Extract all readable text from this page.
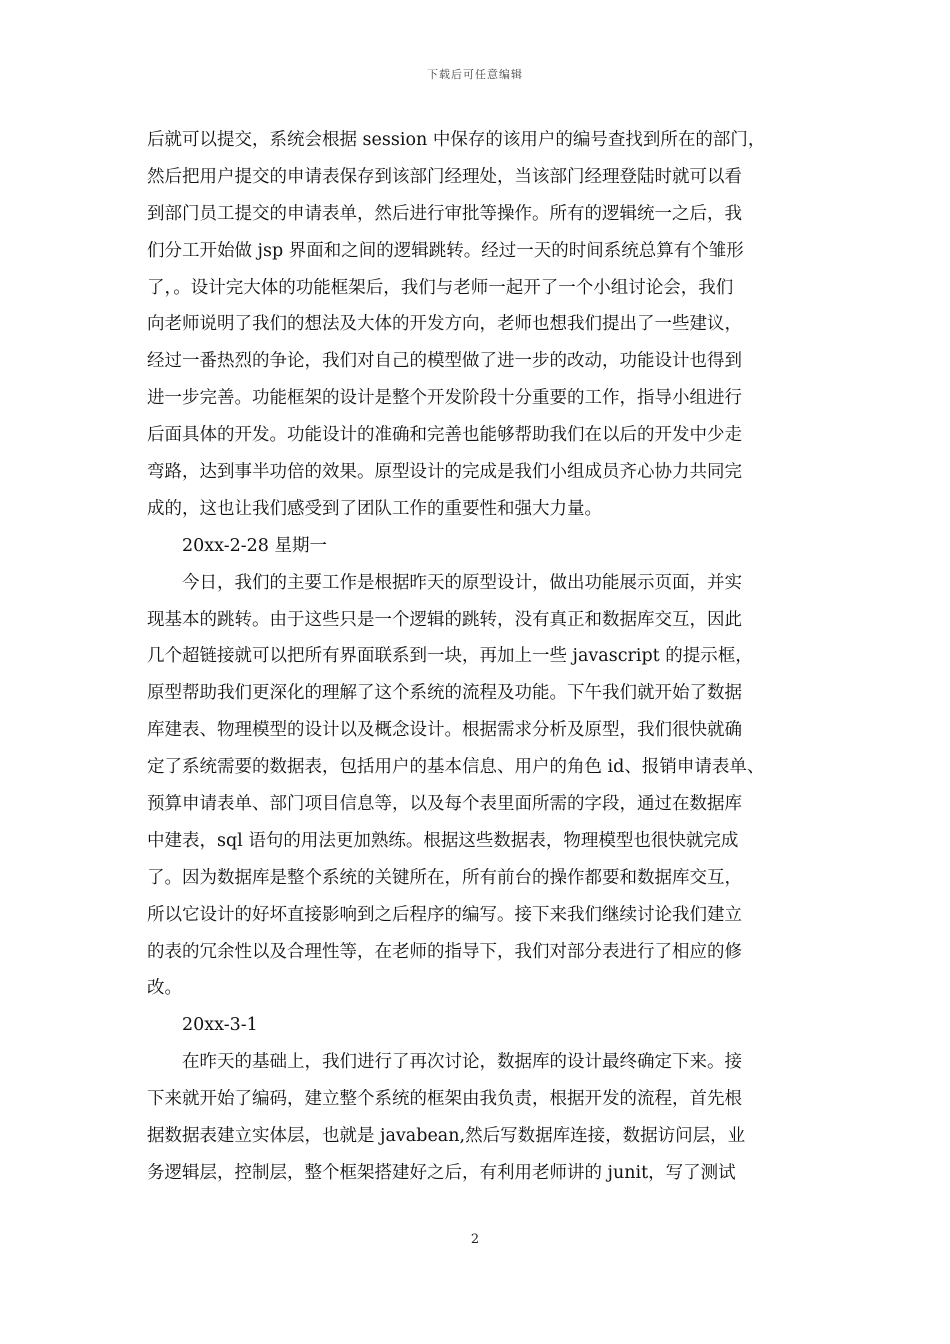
下载后可任意编辑
后就可以提交，系统会根据 session 中保存的该用户的编号查找到所在的部门，
然后把用户提交的申请表保存到该部门经理处，当该部门经理登陆时就可以看
到部门员工提交的申请表单，然后进行审批等操作。所有的逻辑统一之后，我
们分工开始做 jsp 界面和之间的逻辑跳转。经过一天的时间系统总算有个雏形
了，。设计完大体的功能框架后，我们与老师一起开了一个小组讨论会，我们
向老师说明了我们的想法及大体的开发方向，老师也想我们提出了一些建议，
经过一番热烈的争论，我们对自己的模型做了进一步的改动，功能设计也得到
进一步完善。功能框架的设计是整个开发阶段十分重要的工作，指导小组进行
后面具体的开发。功能设计的准确和完善也能够帮助我们在以后的开发中少走
弯路，达到事半功倍的效果。原型设计的完成是我们小组成员齐心协力共同完
成的，这也让我们感受到了团队工作的重要性和强大力量。
20xx-2-28 星期一
今日，我们的主要工作是根据昨天的原型设计，做出功能展示页面，并实
现基本的跳转。由于这些只是一个逻辑的跳转，没有真正和数据库交互，因此
几个超链接就可以把所有界面联系到一块，再加上一些 javascript 的提示框，
原型帮助我们更深化的理解了这个系统的流程及功能。下午我们就开始了数据
库建表、物理模型的设计以及概念设计。根据需求分析及原型，我们很快就确
定了系统需要的数据表，包括用户的基本信息、用户的角色 id、报销申请表单、
预算申请表单、部门项目信息等，以及每个表里面所需的字段，通过在数据库
中建表，sql 语句的用法更加熟练。根据这些数据表，物理模型也很快就完成
了。因为数据库是整个系统的关键所在，所有前台的操作都要和数据库交互，
所以它设计的好坏直接影响到之后程序的编写。接下来我们继续讨论我们建立
的表的冗余性以及合理性等，在老师的指导下，我们对部分表进行了相应的修
改。
20xx-3-1
在昨天的基础上，我们进行了再次讨论，数据库的设计最终确定下来。接
下来就开始了编码，建立整个系统的框架由我负责，根据开发的流程，首先根
据数据表建立实体层，也就是 javabean,然后写数据库连接，数据访问层，业
务逻辑层，控制层，整个框架搭建好之后，有利用老师讲的 junit，写了测试
2
